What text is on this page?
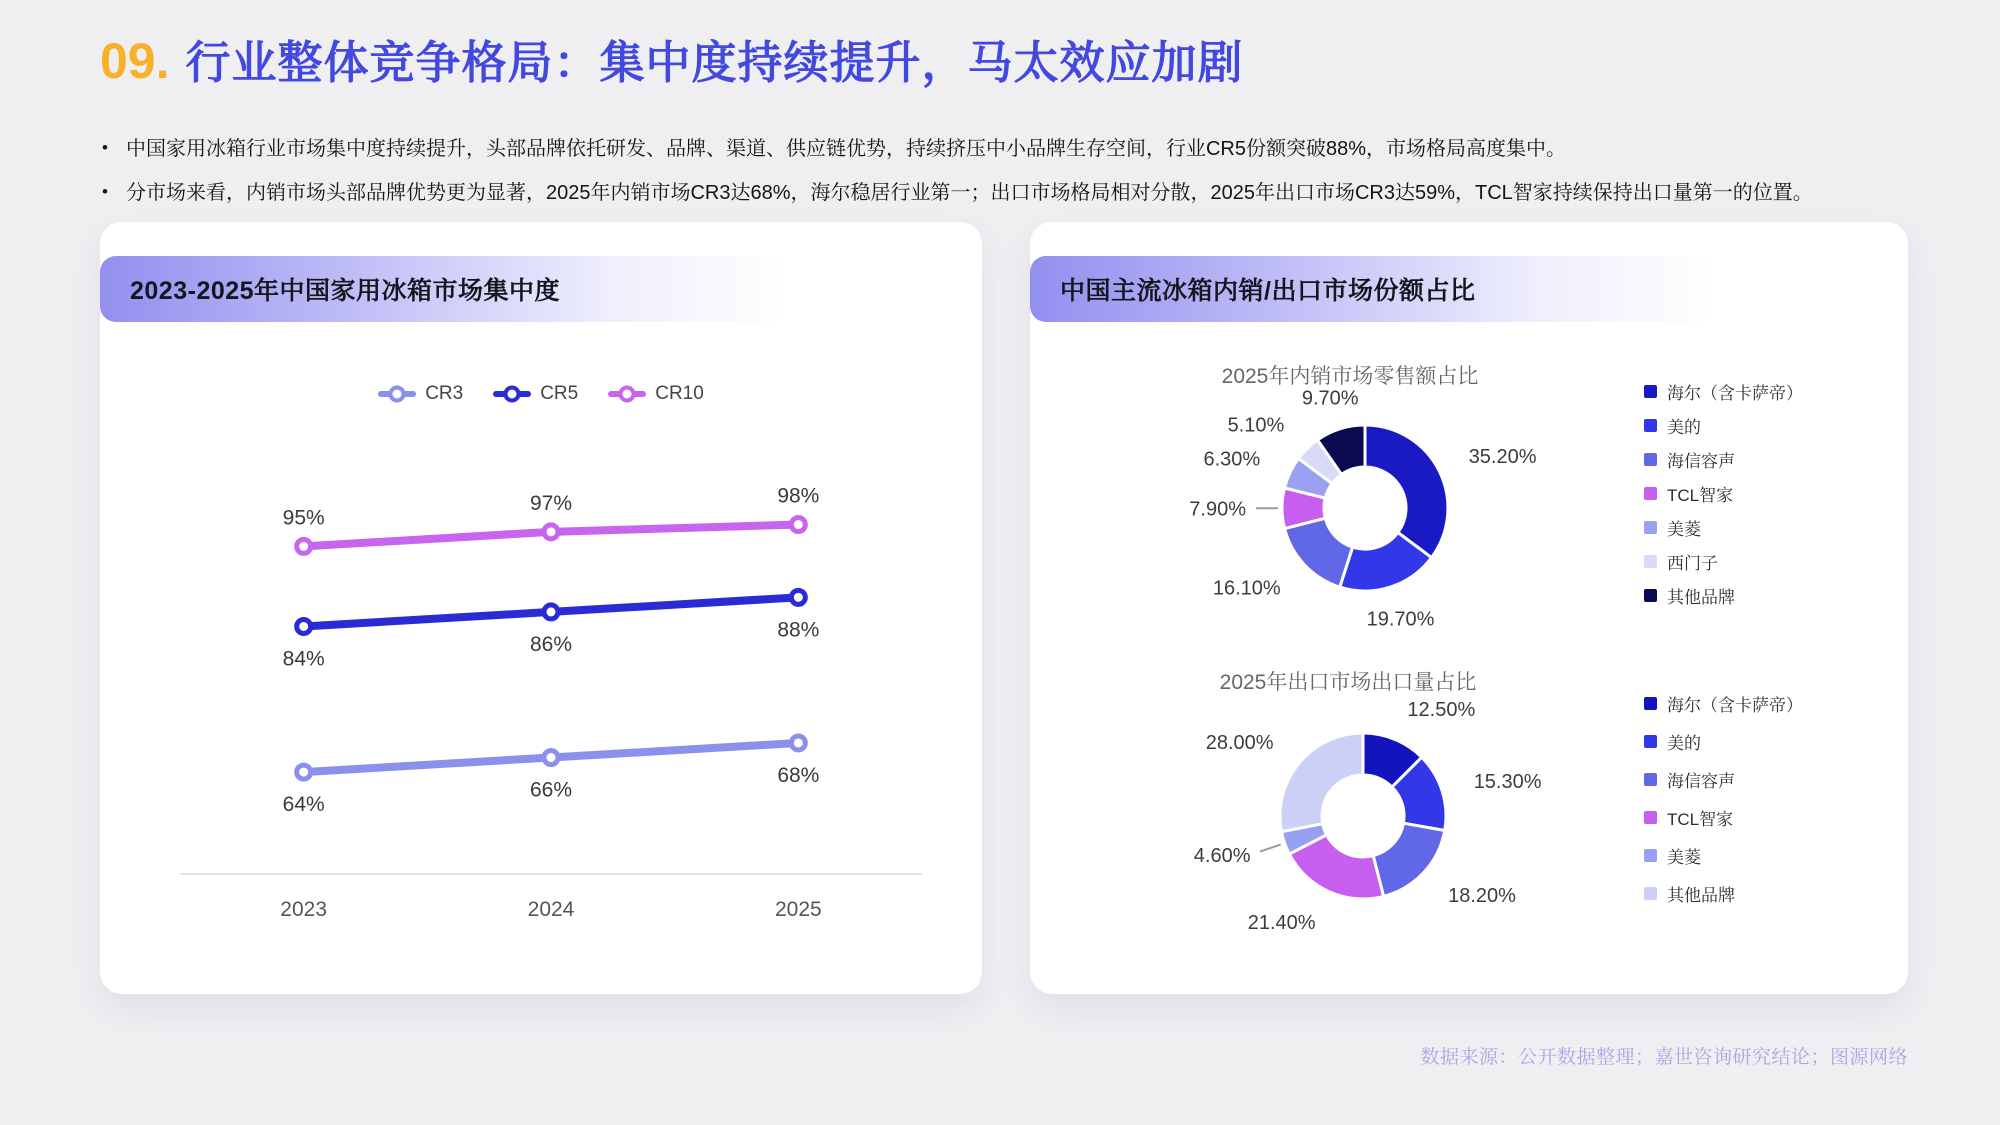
09. 行业整体竞争格局：集中度持续提升，马太效应加剧
• 中国家用冰箱行业市场集中度持续提升，头部品牌依托研发、品牌、渠道、供应链优势，持续挤压中小品牌生存空间，行业CR5份额突破88%，市场格局高度集中。
• 分市场来看，内销市场头部品牌优势更为显著，2025年内销市场CR3达68%，海尔稳居行业第一；出口市场格局相对分散，2025年出口市场CR3达59%，TCL智家持续保持出口量第一的位置。
2023-2025年中国家用冰箱市场集中度
CR3	CR5	CR10
2023	2024	2025
64%
66%
68%
84%
86%
88%
95%
97%	98%
中国主流冰箱内销/出口市场份额占比
2025年内销市场零售额占比
35.20%
19.70%
16.10%
7.90%
6.30%
5.10%
9.70%	海尔（含卡萨帝）
美的
海信容声
TCL智家
美菱
西门子
其他品牌
2025年出口市场出口量占比
12.50%
15.30%
18.20%
21.40%
4.60%
28.00%
海尔（含卡萨帝）
美的
海信容声
TCL智家
美菱
其他品牌
数据来源：公开数据整理；嘉世咨询研究结论；图源网络
